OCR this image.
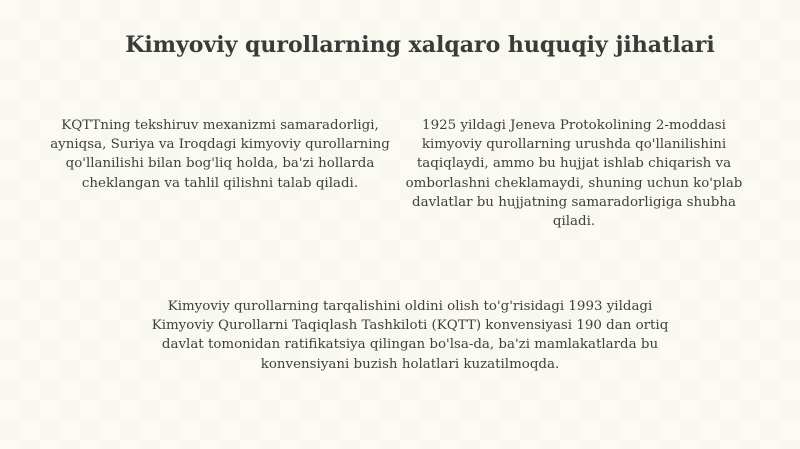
Kimyoviy qurollarning xalqaro huquqiy jihatlari
KQTTning tekshiruv mexanizmi samaradorligi, ayniqsa, Suriya va Iroqdagi kimyoviy qurollarning qo'llanilishi bilan bog'liq holda, ba'zi hollarda cheklangan va tahlil qilishni talab qiladi.
1925 yildagi Jeneva Protokolining 2-moddasi kimyoviy qurollarning urushda qo'llanilishini taqiqlaydi, ammo bu hujjat ishlab chiqarish va omborlashni cheklamaydi, shuning uchun ko'plab davlatlar bu hujjatning samaradorligiga shubha qiladi.
Kimyoviy qurollarning tarqalishini oldini olish to'g'risidagi 1993 yildagi Kimyoviy Qurollarni Taqiqlash Tashkiloti (KQTT) konvensiyasi 190 dan ortiq davlat tomonidan ratifikatsiya qilingan bo'lsa-da, ba'zi mamlakatlarda bu konvensiyani buzish holatlari kuzatilmoqda.
